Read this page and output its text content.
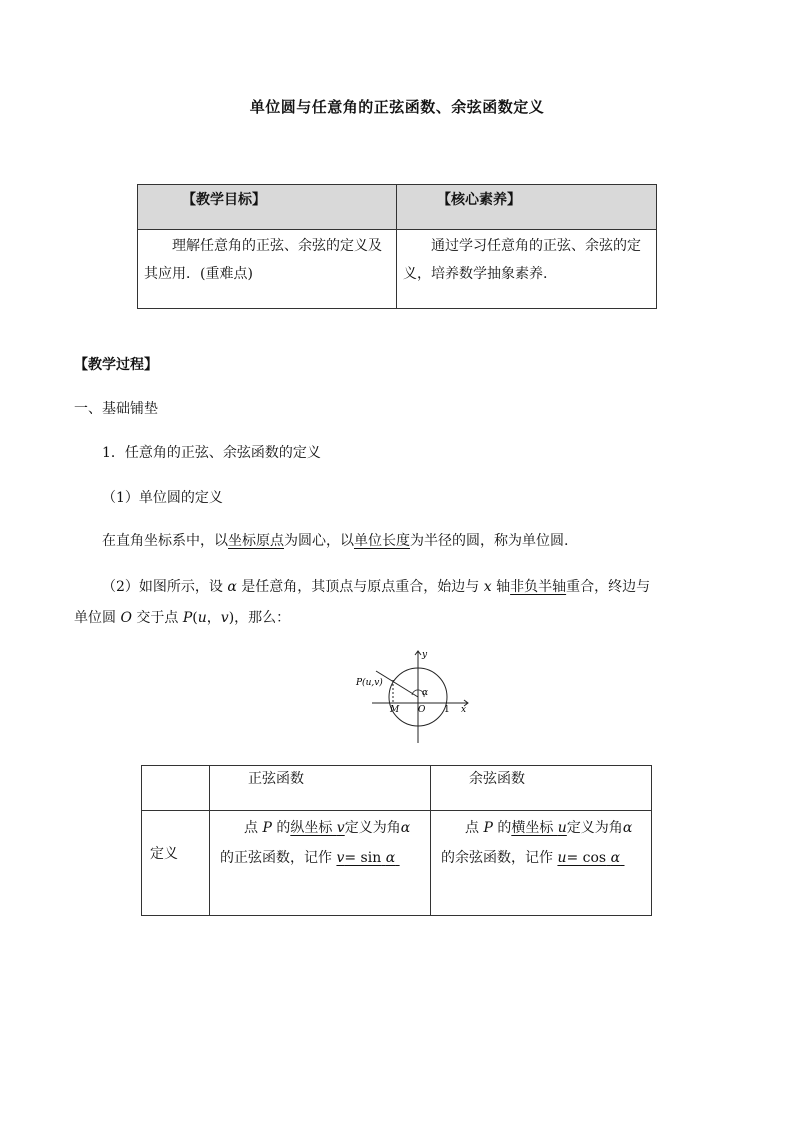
单位圆与任意角的正弦函数、余弦函数定义
【教学目标】	【核心素养】

理解任意角的正弦、余弦的定义及其应用．(重难点)	通过学习任意角的正弦、余弦的定义，培养数学抽象素养.
【教学过程】
一、基础铺垫
1．任意角的正弦、余弦函数的定义
（1）单位圆的定义
在直角坐标系中，以坐标原点为圆心，以单位长度为半径的圆，称为单位圆.
（2）如图所示，设 α 是任意角，其顶点与原点重合，始边与 x 轴非负半轴重合，终边与
单位圆 O 交于点 P(u，v)，那么：
P(u,v)
y
x
M O 1
α

	正弦函数	余弦函数

定义	点 P 的纵坐标 v定义为角α的正弦函数，记作 v= sin α	点 P 的横坐标 u定义为角α的余弦函数，记作 u= cos α
